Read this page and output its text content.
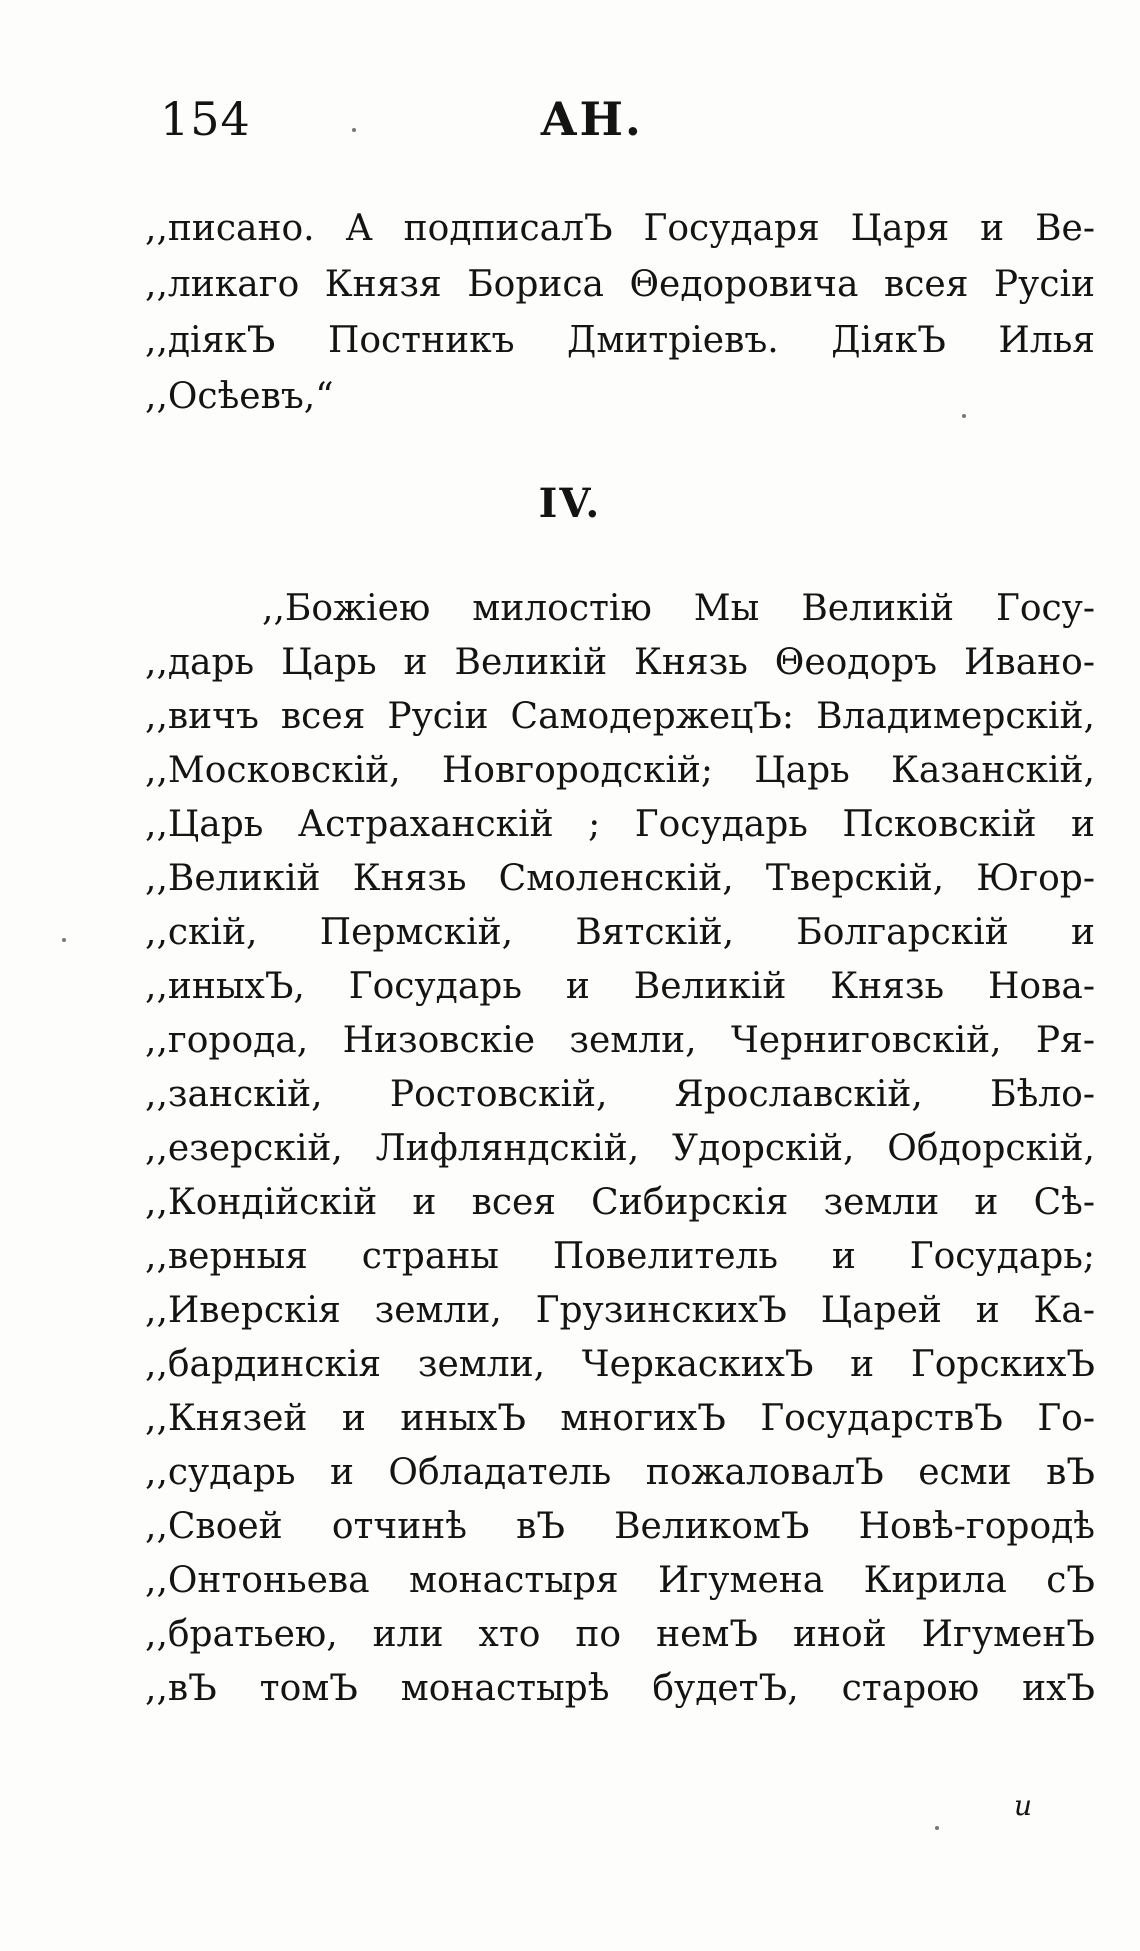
154	АН.
,,писано. А подписалЪ Государя Царя и Ве-
,,ликаго Князя Бориса Θедоровича всея Русiи
,,дiякЪ Постникъ Дмитрiевъ. ДiякЪ Илья
,,Осѣевъ,“
IV.
,,Божiею милостiю Мы Великiй Госу-
,,дарь Царь и Великiй Князь Θеодоръ Ивано-
,,вичъ всея Русiи СамодержецЪ: Владимерскiй,
,,Московскiй, Новгородскiй; Царь Казанскiй,
,,Царь Астраханскiй ; Государь Псковскiй и
,,Великiй Князь Смоленскiй, Тверскiй, Югор-
,,скiй, Пермскiй, Вятскiй, Болгарскiй и
,,иныхЪ, Государь и Великiй Князь Нова-
,,города, Низовскiе земли, Черниговскiй, Ря-
,,занскiй, Ростовскiй, Ярославскiй, Бѣло-
,,езерскiй, Лифляндскiй, Удорскiй, Обдорскiй,
,,Кондiйскiй и всея Сибирскiя земли и Сѣ-
,,верныя страны Повелитель и Государь;
,,Иверскiя земли, ГрузинскихЪ Царей и Ка-
,,бардинскiя земли, ЧеркаскихЪ и ГорскихЪ
,,Князей и иныхЪ многихЪ ГосударствЪ Го-
,,сударь и Обладатель пожаловалЪ есми вЪ
,,Своей отчинѣ вЪ ВеликомЪ Новѣ-городѣ
,,Онтоньева монастыря Игумена Кирила сЪ
,,братьею, или хто по немЪ иной ИгуменЪ
,,вЪ томЪ монастырѣ будетЪ, старою ихЪ
и
